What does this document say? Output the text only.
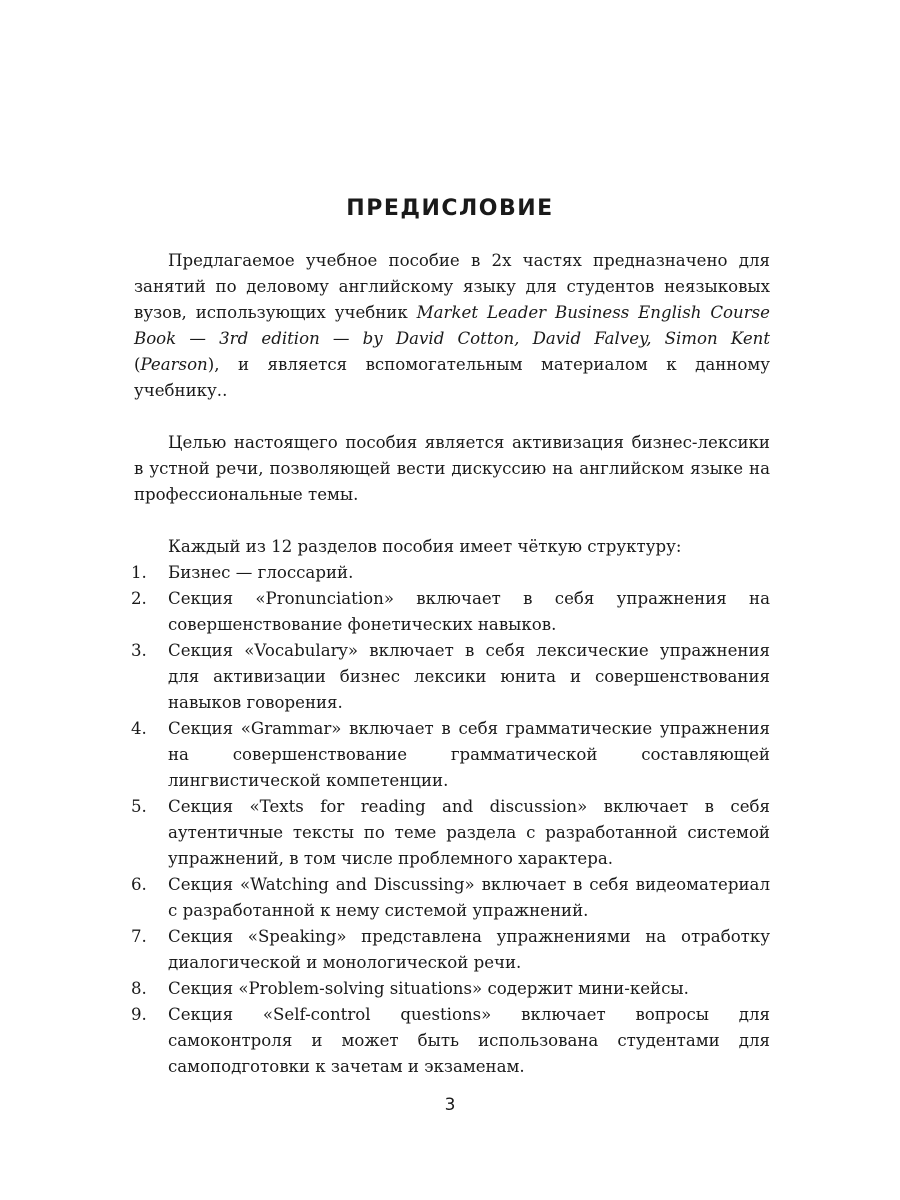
ПРЕДИСЛОВИЕ

Предлагаемое учебное пособие в 2х частях предназначено для занятий по деловому английскому языку для студентов неязыковых вузов, использующих учебник Market Leader Business English Course Book — 3rd edition — by David Cotton, David Falvey, Simon Kent (Pearson), и является вспомогательным материалом к данному учебнику..

Целью настоящего пособия является активизация бизнес-лексики в устной речи, позволяющей вести дискуссию на английском языке на профессиональные темы.

Каждый из 12 разделов пособия имеет чёткую структуру:

1. Бизнес — глоссарий.
2. Секция «Pronunciation» включает в себя упражнения на совершенствование фонетических навыков.
3. Секция «Vocabulary» включает в себя лексические упражнения для активизации бизнес лексики юнита и совершенствования навыков говорения.
4. Секция «Grammar» включает в себя грамматические упражнения на совершенствование грамматической составляющей лингвистической компетенции.
5. Секция «Texts for reading and discussion» включает в себя аутентичные тексты по теме раздела с разработанной системой упражнений, в том числе проблемного характера.
6. Секция «Watching and Discussing» включает в себя видеоматериал с разработанной к нему системой упражнений.
7. Секция «Speaking» представлена упражнениями на отработку диалогической и монологической речи.
8. Секция «Problem-solving situations» содержит мини-кейсы.
9. Секция «Self-control questions» включает вопросы для самоконтроля и может быть использована студентами для самоподготовки к зачетам и экзаменам.
3
